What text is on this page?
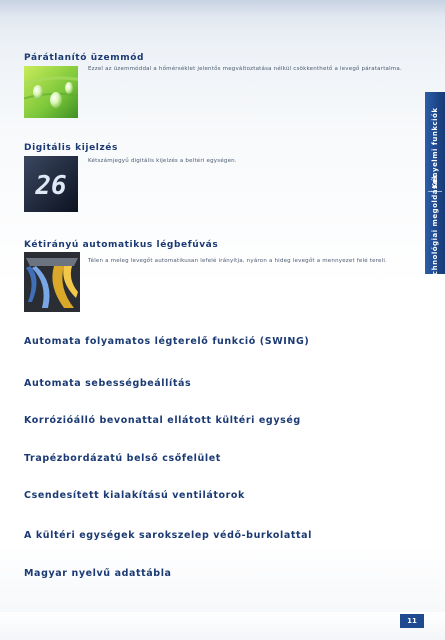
Párátlanító üzemmód
Ezzel az üzemmóddal a hőmérséklet jelentős megváltoztatása nélkül csökkenthető a levegő páratartalma.
Digitális kijelzés
26
Kétszámjegyű digitális kijelzés a beltéri egységen.
Kétirányú automatikus légbefúvás
Télen a meleg levegőt automatikusan lefelé irányítja, nyáron a hideg levegőt a mennyezet felé tereli.
Kényelmi funkciók
Új technológiai megoldások
Automata folyamatos légterelő funkció (SWING)
Automata sebességbeállítás
Korrózióálló bevonattal ellátott kültéri egység
Trapézbordázatú belső csőfelület
Csendesített kialakítású ventilátorok
A kültéri egységek sarokszelep védő-burkolattal
Magyar nyelvű adattábla
11
